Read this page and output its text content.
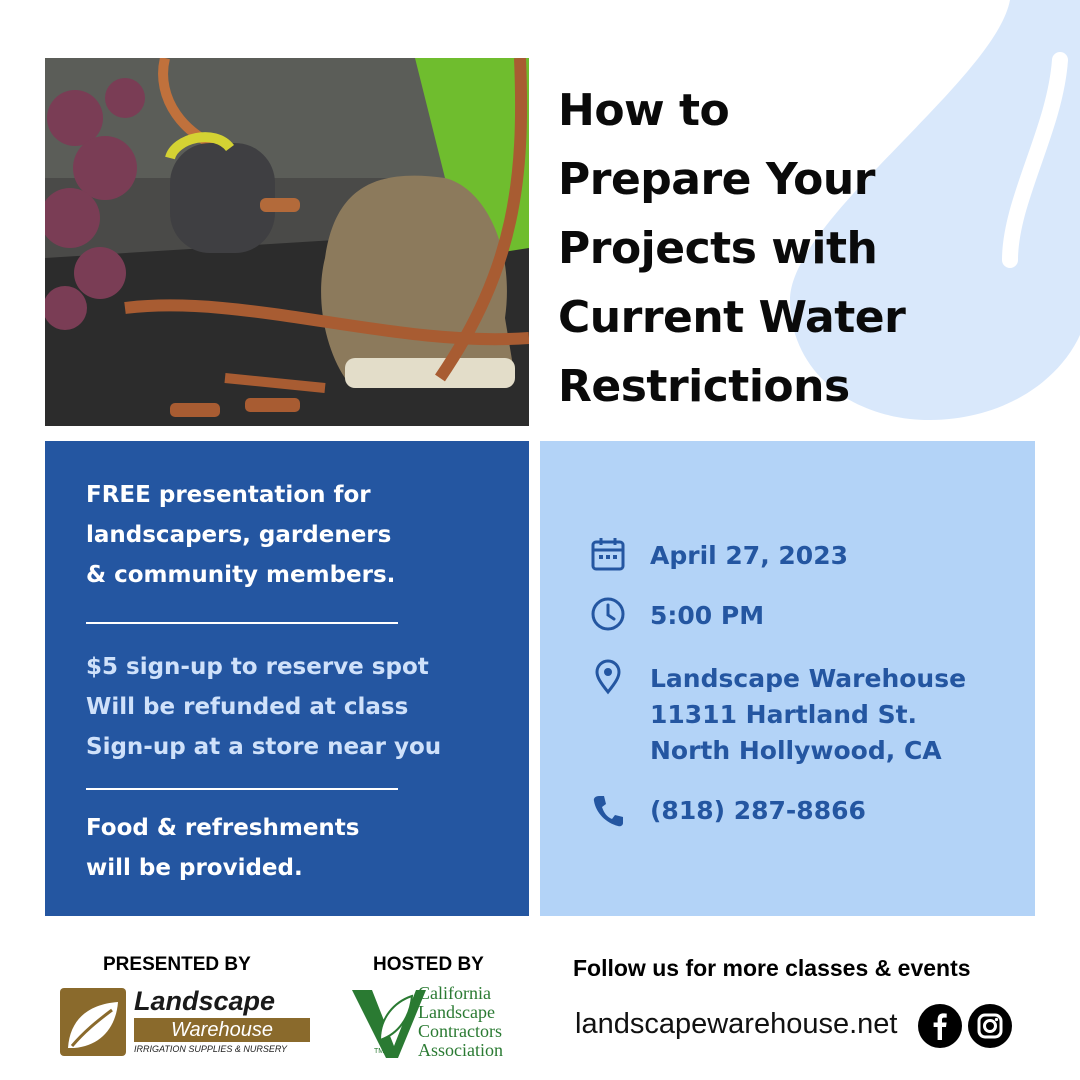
How to
Prepare Your
Projects with
Current Water
Restrictions
FREE presentation for
landscapers, gardeners
& community members.
$5 sign-up to reserve spot
Will be refunded at class
Sign-up at a store near you
Food & refreshments
will be provided.
April 27, 2023
5:00 PM
Landscape Warehouse
11311 Hartland St.
North Hollywood, CA
(818) 287-8866
PRESENTED BY	HOSTED BY
Landscape
Warehouse
IRRIGATION SUPPLIES & NURSERY
California
Landscape
Contractors
Association
TM
Follow us for more classes & events
landscapewarehouse.net
